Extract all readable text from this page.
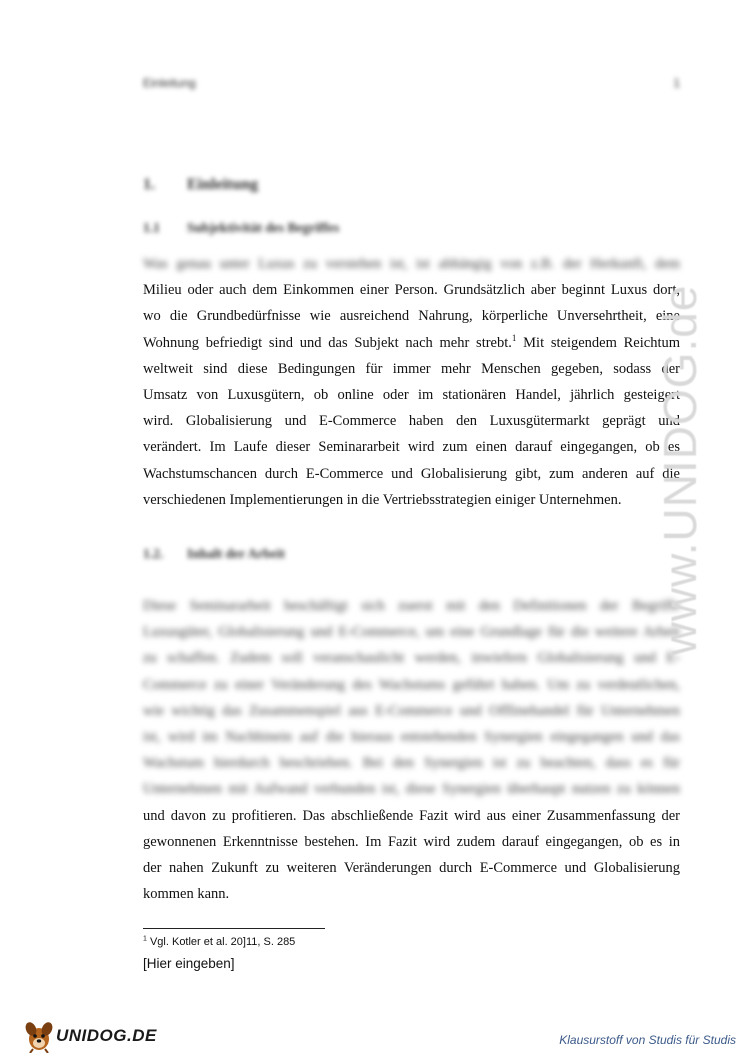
Einleitung	1
1. Einleitung
1.1 Subjektivität des Begriffes
Was genau unter Luxus zu verstehen ist, ist abhängig von z.B. der Herkunft, dem
Milieu oder auch dem Einkommen einer Person. Grundsätzlich aber beginnt Luxus dort,
wo die Grundbedürfnisse wie ausreichend Nahrung, körperliche Unversehrtheit, eine
Wohnung befriedigt sind und das Subjekt nach mehr strebt.$^1$ Mit steigendem Reichtum
weltweit sind diese Bedingungen für immer mehr Menschen gegeben, sodass der
Umsatz von Luxusgütern, ob online oder im stationären Handel, jährlich gesteigert
wird. Globalisierung und E-Commerce haben den Luxusgütermarkt geprägt und
verändert. Im Laufe dieser Seminararbeit wird zum einen darauf eingegangen, ob es
Wachstumschancen durch E-Commerce und Globalisierung gibt, zum anderen auf die
verschiedenen Implementierungen in die Vertriebsstrategien einiger Unternehmen.
1.2. Inhalt der Arbeit
Diese Seminararbeit beschäftigt sich zuerst mit den Definitionen der Begriffe
Luxusgüter, Globalisierung und E-Commerce, um eine Grundlage für die weitere Arbeit
zu schaffen. Zudem soll veranschaulicht werden, inwiefern Globalisierung und E-
Commerce zu einer Veränderung des Wachstums geführt haben. Um zu verdeutlichen,
wie wichtig das Zusammenspiel aus E-Commerce und Offlinehandel für Unternehmen
ist, wird im Nachhinein auf die hieraus entstehenden Synergien eingegangen und das
Wachstum hierdurch beschrieben. Bei den Synergien ist zu beachten, dass es für
Unternehmen mit Aufwand verbunden ist, diese Synergien überhaupt nutzen zu können
und davon zu profitieren. Das abschließende Fazit wird aus einer Zusammenfassung der
gewonnenen Erkenntnisse bestehen. Im Fazit wird zudem darauf eingegangen, ob es in
der nahen Zukunft zu weiteren Veränderungen durch E-Commerce und Globalisierung
kommen kann.
$^1$ Vgl. Kotler et al. 20]11, S. 285
[Hier eingeben]
www.UNIDOG.de
UNIDOG.DE	Klausurstoff von Studis für Studis
